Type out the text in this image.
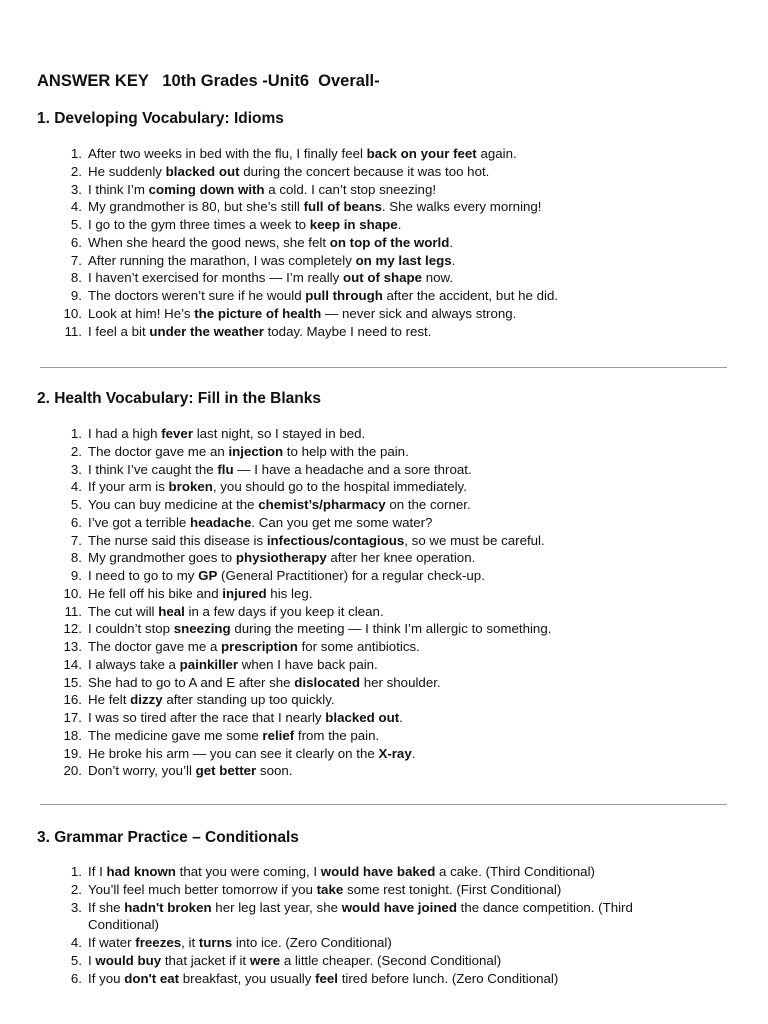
ANSWER KEY   10th Grades -Unit6  Overall-
1. Developing Vocabulary: Idioms
1. After two weeks in bed with the flu, I finally feel back on your feet again.
2. He suddenly blacked out during the concert because it was too hot.
3. I think I’m coming down with a cold. I can’t stop sneezing!
4. My grandmother is 80, but she’s still full of beans. She walks every morning!
5. I go to the gym three times a week to keep in shape.
6. When she heard the good news, she felt on top of the world.
7. After running the marathon, I was completely on my last legs.
8. I haven’t exercised for months — I’m really out of shape now.
9. The doctors weren’t sure if he would pull through after the accident, but he did.
10. Look at him! He’s the picture of health — never sick and always strong.
11. I feel a bit under the weather today. Maybe I need to rest.
2. Health Vocabulary: Fill in the Blanks
1. I had a high fever last night, so I stayed in bed.
2. The doctor gave me an injection to help with the pain.
3. I think I’ve caught the flu — I have a headache and a sore throat.
4. If your arm is broken, you should go to the hospital immediately.
5. You can buy medicine at the chemist’s/pharmacy on the corner.
6. I’ve got a terrible headache. Can you get me some water?
7. The nurse said this disease is infectious/contagious, so we must be careful.
8. My grandmother goes to physiotherapy after her knee operation.
9. I need to go to my GP (General Practitioner) for a regular check-up.
10. He fell off his bike and injured his leg.
11. The cut will heal in a few days if you keep it clean.
12. I couldn’t stop sneezing during the meeting — I think I’m allergic to something.
13. The doctor gave me a prescription for some antibiotics.
14. I always take a painkiller when I have back pain.
15. She had to go to A and E after she dislocated her shoulder.
16. He felt dizzy after standing up too quickly.
17. I was so tired after the race that I nearly blacked out.
18. The medicine gave me some relief from the pain.
19. He broke his arm — you can see it clearly on the X-ray.
20. Don’t worry, you’ll get better soon.
3. Grammar Practice – Conditionals
1. If I had known that you were coming, I would have baked a cake. (Third Conditional)
2. You’ll feel much better tomorrow if you take some rest tonight. (First Conditional)
3. If she hadn't broken her leg last year, she would have joined the dance competition. (Third Conditional)
4. If water freezes, it turns into ice. (Zero Conditional)
5. I would buy that jacket if it were a little cheaper. (Second Conditional)
6. If you don't eat breakfast, you usually feel tired before lunch. (Zero Conditional)
